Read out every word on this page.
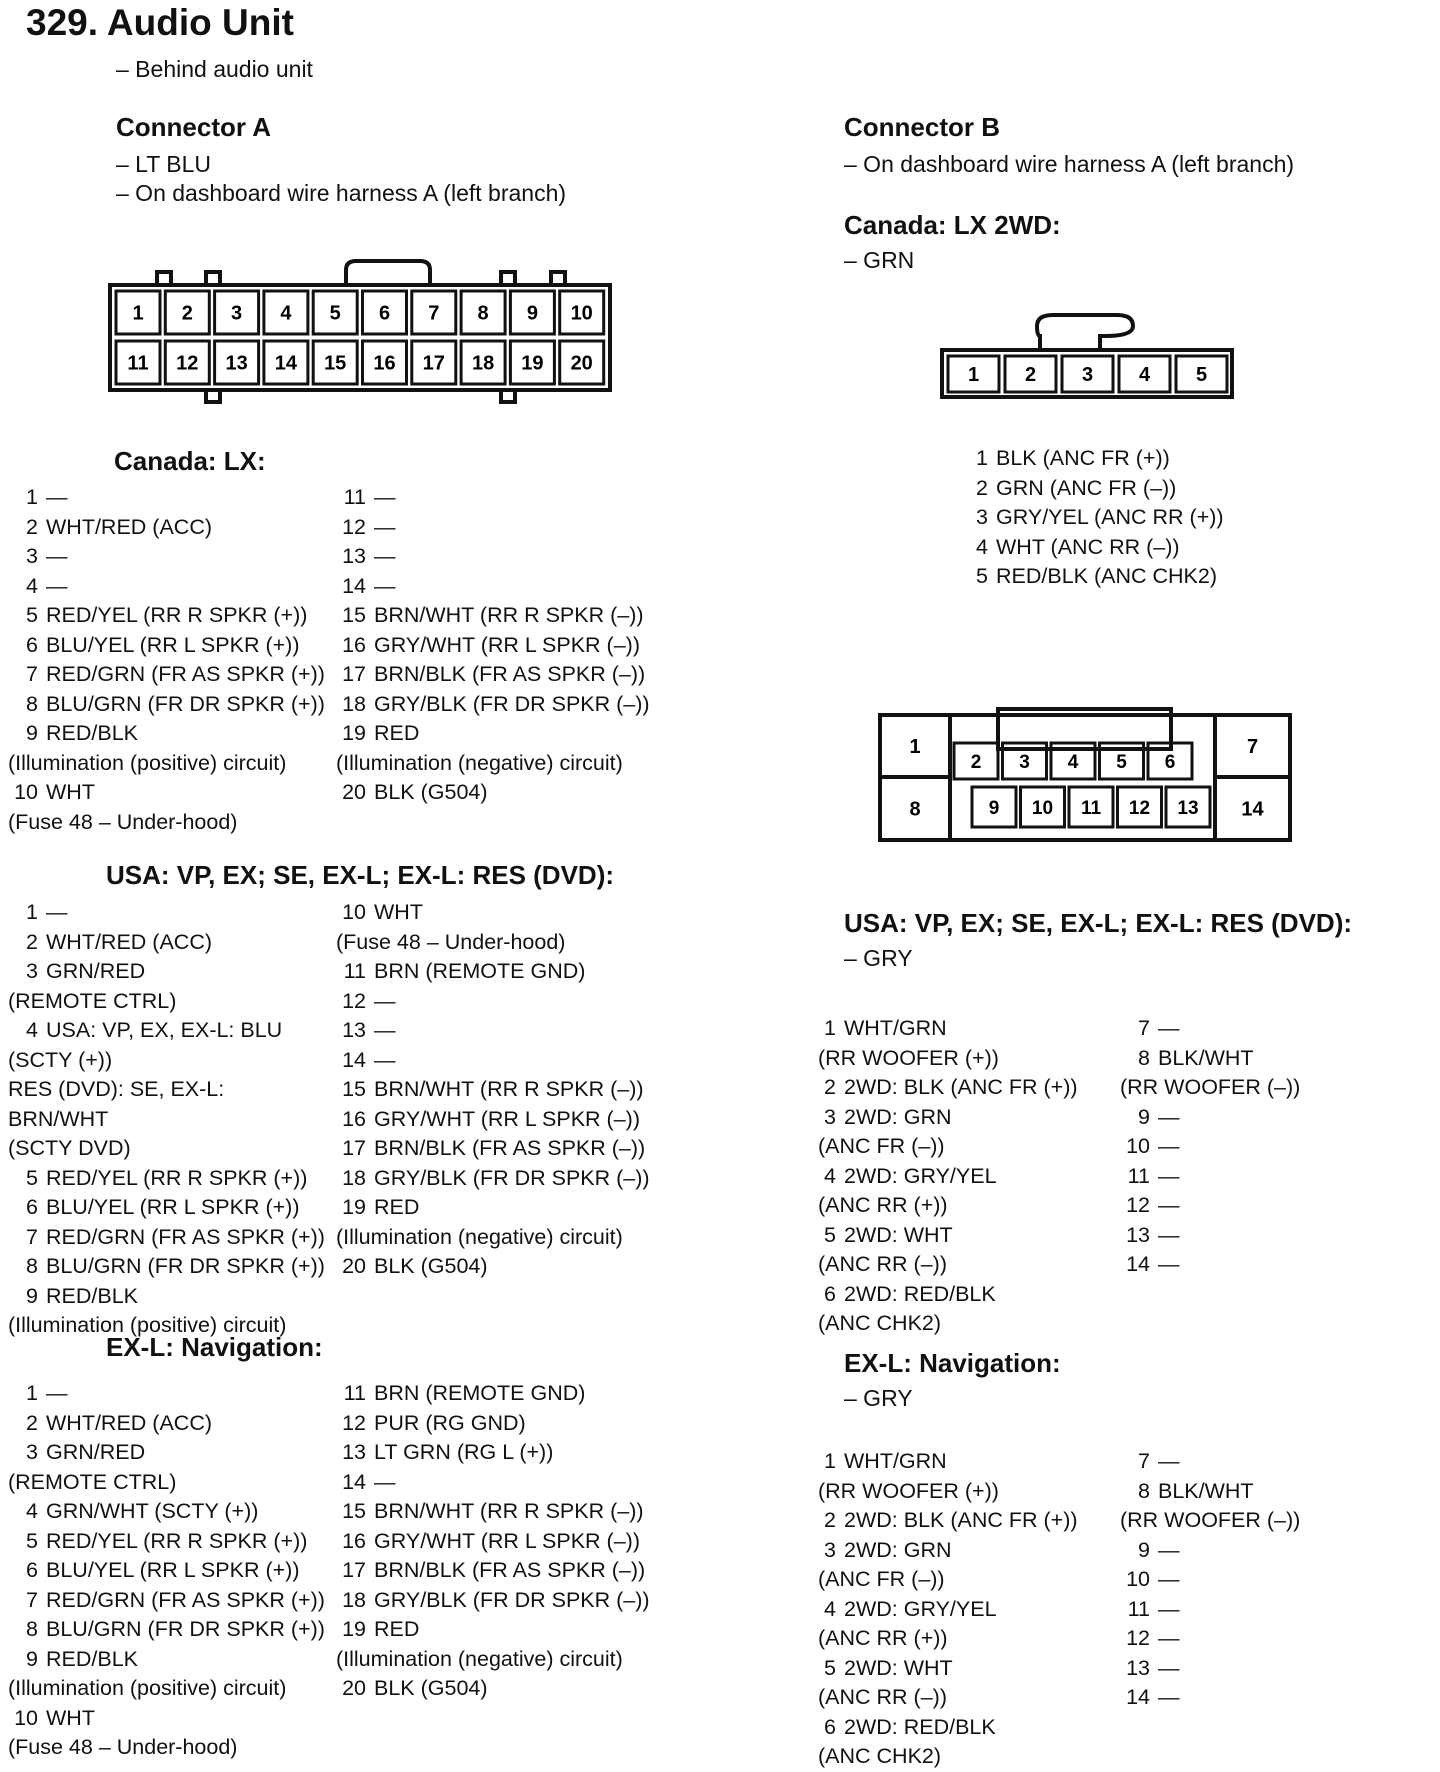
329. Audio Unit
– Behind audio unit
Connector A
– LT BLU
– On dashboard wire harness A (left branch)
1 2 3 4 5 6 7 8 9 10
11 12 13 14 15 16 17 18 19 20
Canada: LX:
1 —
2 WHT/RED (ACC)
3 —
4 —
5 RED/YEL (RR R SPKR (+))
6 BLU/YEL (RR L SPKR (+))
7 RED/GRN (FR AS SPKR (+))
8 BLU/GRN (FR DR SPKR (+))
9 RED/BLK
(Illumination (positive) circuit)
10 WHT
(Fuse 48 – Under-hood)
11 —
12 —
13 —
14 —
15 BRN/WHT (RR R SPKR (–))
16 GRY/WHT (RR L SPKR (–))
17 BRN/BLK (FR AS SPKR (–))
18 GRY/BLK (FR DR SPKR (–))
19 RED
(Illumination (negative) circuit)
20 BLK (G504)
USA: VP, EX; SE, EX-L; EX-L: RES (DVD):
1 —
2 WHT/RED (ACC)
3 GRN/RED
(REMOTE CTRL)
4 USA: VP, EX, EX-L: BLU
(SCTY (+))
RES (DVD): SE, EX-L:
BRN/WHT
(SCTY DVD)
5 RED/YEL (RR R SPKR (+))
6 BLU/YEL (RR L SPKR (+))
7 RED/GRN (FR AS SPKR (+))
8 BLU/GRN (FR DR SPKR (+))
9 RED/BLK
(Illumination (positive) circuit)
10 WHT
(Fuse 48 – Under-hood)
11 BRN (REMOTE GND)
12 —
13 —
14 —
15 BRN/WHT (RR R SPKR (–))
16 GRY/WHT (RR L SPKR (–))
17 BRN/BLK (FR AS SPKR (–))
18 GRY/BLK (FR DR SPKR (–))
19 RED
(Illumination (negative) circuit)
20 BLK (G504)
EX-L: Navigation:
1 —
2 WHT/RED (ACC)
3 GRN/RED
(REMOTE CTRL)
4 GRN/WHT (SCTY (+))
5 RED/YEL (RR R SPKR (+))
6 BLU/YEL (RR L SPKR (+))
7 RED/GRN (FR AS SPKR (+))
8 BLU/GRN (FR DR SPKR (+))
9 RED/BLK
(Illumination (positive) circuit)
10 WHT
(Fuse 48 – Under-hood)
11 BRN (REMOTE GND)
12 PUR (RG GND)
13 LT GRN (RG L (+))
14 —
15 BRN/WHT (RR R SPKR (–))
16 GRY/WHT (RR L SPKR (–))
17 BRN/BLK (FR AS SPKR (–))
18 GRY/BLK (FR DR SPKR (–))
19 RED
(Illumination (negative) circuit)
20 BLK (G504)
Connector B
– On dashboard wire harness A (left branch)
Canada: LX 2WD:
– GRN
1 2 3 4 5
1 BLK (ANC FR (+))
2 GRN (ANC FR (–))
3 GRY/YEL (ANC RR (+))
4 WHT (ANC RR (–))
5 RED/BLK (ANC CHK2)
1	7
8	14
2 3 4 5 6
9 10 11 12 13
USA: VP, EX; SE, EX-L; EX-L: RES (DVD):
– GRY
1 WHT/GRN
(RR WOOFER (+))
2 2WD: BLK (ANC FR (+))
3 2WD: GRN
(ANC FR (–))
4 2WD: GRY/YEL
(ANC RR (+))
5 2WD: WHT
(ANC RR (–))
6 2WD: RED/BLK
(ANC CHK2)
7 —
8 BLK/WHT
(RR WOOFER (–))
9 —
10 —
11 —
12 —
13 —
14 —
EX-L: Navigation:
– GRY
1 WHT/GRN
(RR WOOFER (+))
2 2WD: BLK (ANC FR (+))
3 2WD: GRN
(ANC FR (–))
4 2WD: GRY/YEL
(ANC RR (+))
5 2WD: WHT
(ANC RR (–))
6 2WD: RED/BLK
(ANC CHK2)
7 —
8 BLK/WHT
(RR WOOFER (–))
9 —
10 —
11 —
12 —
13 —
14 —
